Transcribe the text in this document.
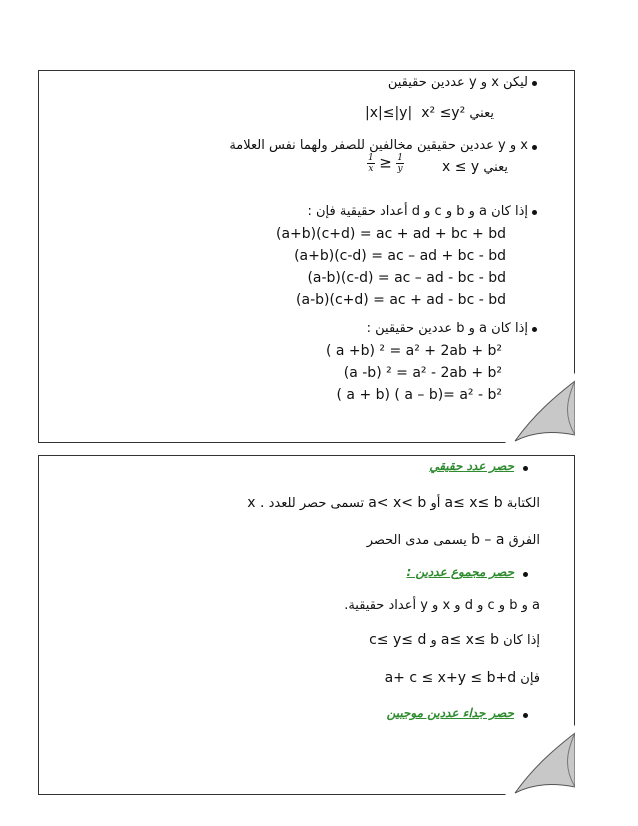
ليكن x و y عددين حقيقين
يعني x² ≤y²
|x|≤|y|
x و y عددين حقيقين مخالفين للصفر ولهما نفس العلامة
يعني x ≤ y
$\frac{1}{x} \ge \frac{1}{y}$
إذا كان a و b و c و d أعداد حقيقية فإن :
(a+b)(c+d) = ac + ad + bc + bd
(a+b)(c-d) = ac – ad + bc - bd
(a-b)(c-d) = ac – ad - bc - bd
(a-b)(c+d) = ac + ad - bc - bd
إذا كان a و b عددين حقيقين :
( a +b) ² = a² + 2ab + b²
(a -b) ² = a² - 2ab + b²
( a + b) ( a – b)= a² - b²
حصر عدد حقيقي
الكتابة a≤ x≤ b أو a< x< b تسمى حصر للعدد x .
الفرق b – a يسمى مدى الحصر
حصر مجموع عددين :
a و b و c و d و x و y أعداد حقيقية.
إذا كان a≤ x≤ b و c≤ y≤ d
فإن a+ c ≤ x+y ≤ b+d
حصر جداء عددين موجبين
